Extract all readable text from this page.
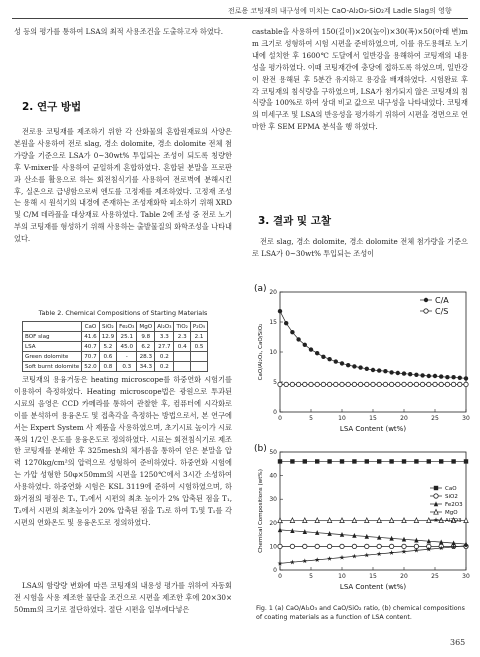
전로용 코팅재의 내구성에 미치는 CaO-Al₂O₃-SiO₂계 Ladle Slag의 영향

성 등의 평가를 통하여 LSA의 최적 사용조건을 도출하고자 하였다.

2. 연구 방법

전로용 코팅재를 제조하기 위한 각 산화물의 혼합원재료의 사양은 본원을 사용하여 전로 slag, 경소 dolomite, 경소 dolomite 전체 첨가량을 기준으로 LSA가 0~30wt% 투입되는 조성이 되도록 칭량한 후 V-mixer를 사용하여 균일하게 혼합하였다. 혼합된 분말을 프로판과 산소를 활용으로 하는 회전침식기를 사용하여 전로벽에 분해시킨 후, 실온으로 급냉함으로써 엔도를 고정재를 제조하였다. 고정재 조성는 용해 시 원석기의 내경에 존재하는 조성재화학 피소하기 위해 XRD 및 C/M 데라플을 대상재료 사용하였다. Table 2에 조성 중 전로 노기부의 코팅재를 형성하기 위해 사용하는 출발물질의 화학조성을 나타내었다.

Table 2. Chemical Compositions of Starting Materials
	CaO	SiO₂	Fe₂O₃	MgO	Al₂O₃	TiO₂	P₂O₅
BOF slag	41.6	12.9	25.1	9.8	3.3	2.3	2.1
LSA	40.7	5.2	45.0	6.2	27.7	0.4	0.5
Green dolomite	70.7	0.6	-	28.3	0.2		
Soft burnt dolomite	52.0	0.8	0.3	34.3	0.2		

코팅재의 용융거동은 heating microscope를 하중연화 시험기를 이용하여 측정하였다. Heating microscope법은 광원으로 투과된 시료의 음영은 CCD 카메라를 통하여 관찰한 후, 컴퓨터에 시각화로 이를 분석하여 용융온도 및 접촉각을 측정하는 방법으로서, 본 연구에서는 Expert System 사 제품을 사용하였으며, 초기시료 높이가 시료 폭의 1/2인 온도를 용융온도로 정의하였다. 시료는 회전침식기로 제조한 코팅재를 분쇄한 후 325mesh의 체가름을 통하여 얻은 분말을 압력 1270kg/cm²의 압력으로 성형하여 준비하였다. 하중연화 시험에는 가압 성형한 50φ×50mm의 시편을 1250℃에서 3시간 소성하여 사용하였다. 하중연화 시험은 KSL 3119에 준하여 시험하였으며, 하화거점의 평점은 T₁, T₂에서 시편의 최초 높이가 2% 압축된 점을 T₁, T₂에서 시편의 최초높이가 20% 압축된 점을 T₂로 하여 T₂및 T₁를 각 시편의 연화온도 및 용융온도로 정의하였다.

LSA의 함량량 변화에 따른 코팅재의 내용성 평가를 위하여 자동회전 시험을 사용 제조한 물단을 조건으로 시편을 제조한 후에 20×30×50mm의 크기로 절단하였다. 절단 시편을 일부에다넣은

castable을 사용하여 150(길이)×20(높이)×30(폭)×50(아래 변)mm 크기로 성형하여 시험 시편을 준비하였으며, 이를 유도용해로 노기내에 설치한 후 1600℃ 도달에서 일반강을 용해하여 코팅재의 내용성을 평가하였다. 이때 코팅재간에 충당에 접하도록 하였으며, 일반강이 완전 용해된 후 5분간 유지하고 용강을 배재하였다. 시험완료 후 각 코팅재의 침식량을 구하였으며, LSA가 첨가되지 않은 코팅재의 침식량을 100%로 하여 상대 비교 값으로 내구성을 나타내었다. 코팅재의 미세구조 및 LSA의 반응성을 평가하기 위하여 시편을 경면으로 연마한 후 SEM EPMA 분석을 행 하였다.

3. 결과 및 고찰

전로 slag, 경소 dolomite, 경소 dolomite 전체 첨가량을 기준으로 LSA가 0~30wt% 투입되는 조성이

(a)
0	5	10	15	20	25	30
0
5
10
15
20
LSA Content (wt%)
CaO/Al₂O₃, CaO/SiO₂
C/A
C/S
(b)
0	5	10	15	20	25	30
0
10
20
30
40
50
LSA Content (wt%)
Chemical Compositions (wt%)	CaO
SiO2
Fe2O3
MgO
Al2O3
Fig. 1 (a) CaO/Al₂O₃ and CaO/SiO₂ ratio, (b) chemical compositions of coating materials as a function of LSA content.
365
